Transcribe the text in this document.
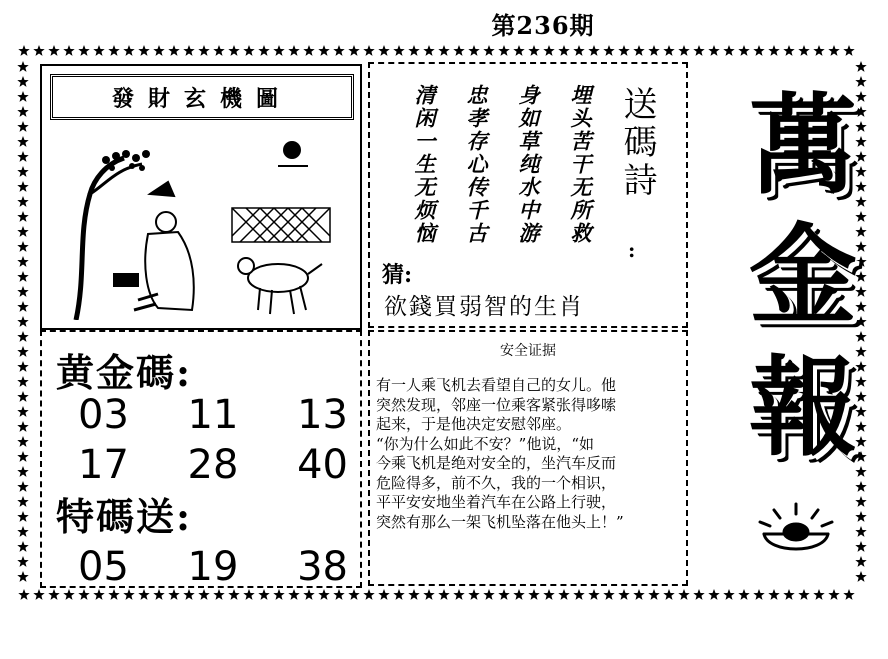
第236期
發財玄機圖	埋头苦干无所救
身如草纯水中游
忠孝存心传千古
清闲一生无烦恼	送碼詩
:
猜:
欲錢買弱智的生肖
黄金碼:
03 11 13
17 28 40
特碼送:
05 19 38
安全证据

有一人乘飞机去看望自己的女儿。他

突然发现，邻座一位乘客紧张得哆嗦

起来，于是他决定安慰邻座。

“你为什么如此不安？”他说，“如

今乘飞机是绝对安全的，坐汽车反而

危险得多，前不久，我的一个相识，

平平安安地坐着汽车在公路上行驶，

突然有那么一架飞机坠落在他头上！”

萬
金
報
